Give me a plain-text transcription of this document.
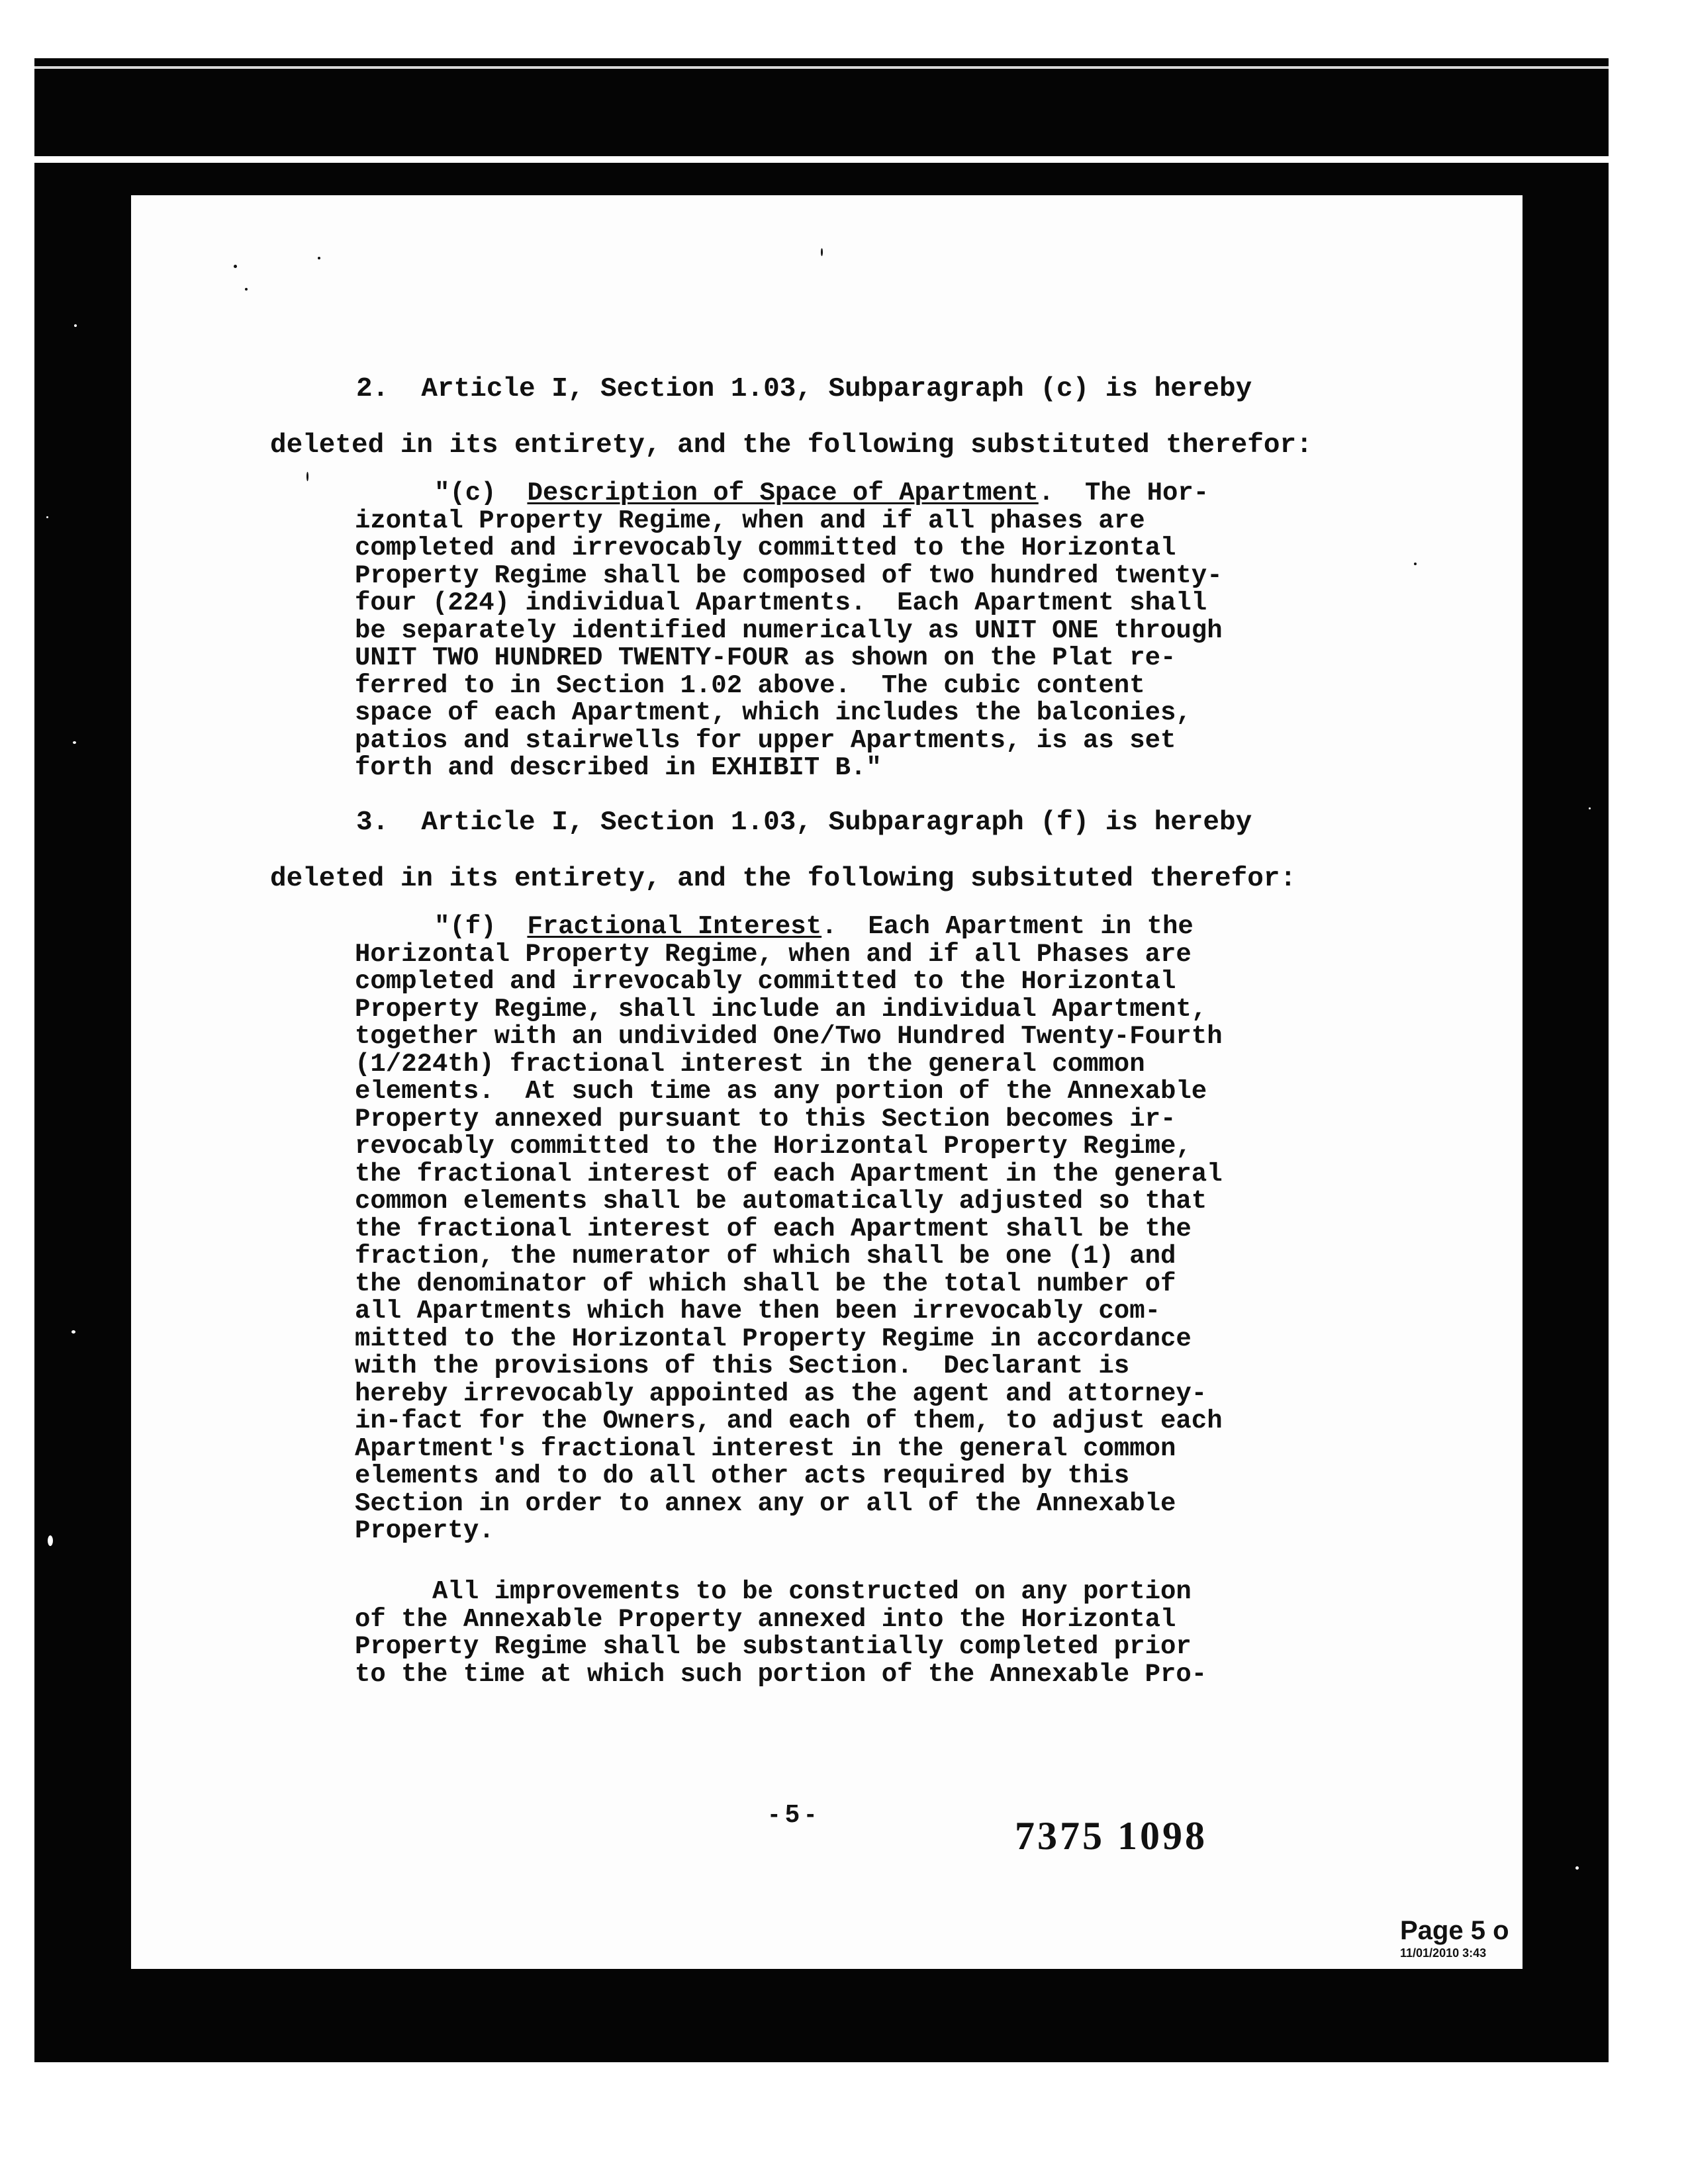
2.  Article I, Section 1.03, Subparagraph (c) is hereby
deleted in its entirety, and the following substituted therefor:
"(c)  Description of Space of Apartment.  The Hor-
izontal Property Regime, when and if all phases are
completed and irrevocably committed to the Horizontal
Property Regime shall be composed of two hundred twenty-
four (224) individual Apartments.  Each Apartment shall
be separately identified numerically as UNIT ONE through
UNIT TWO HUNDRED TWENTY-FOUR as shown on the Plat re-
ferred to in Section 1.02 above.  The cubic content
space of each Apartment, which includes the balconies,
patios and stairwells for upper Apartments, is as set
forth and described in EXHIBIT B."
3.  Article I, Section 1.03, Subparagraph (f) is hereby
deleted in its entirety, and the following subsituted therefor:
"(f)  Fractional Interest.  Each Apartment in the
Horizontal Property Regime, when and if all Phases are
completed and irrevocably committed to the Horizontal
Property Regime, shall include an individual Apartment,
together with an undivided One/Two Hundred Twenty-Fourth
(1/224th) fractional interest in the general common
elements.  At such time as any portion of the Annexable
Property annexed pursuant to this Section becomes ir-
revocably committed to the Horizontal Property Regime,
the fractional interest of each Apartment in the general
common elements shall be automatically adjusted so that
the fractional interest of each Apartment shall be the
fraction, the numerator of which shall be one (1) and
the denominator of which shall be the total number of
all Apartments which have then been irrevocably com-
mitted to the Horizontal Property Regime in accordance
with the provisions of this Section.  Declarant is
hereby irrevocably appointed as the agent and attorney-
in-fact for the Owners, and each of them, to adjust each
Apartment's fractional interest in the general common
elements and to do all other acts required by this
Section in order to annex any or all of the Annexable
Property.
All improvements to be constructed on any portion
of the Annexable Property annexed into the Horizontal
Property Regime shall be substantially completed prior
to the time at which such portion of the Annexable Pro-
- 5 -	7375 1098
Page 5 o
11/01/2010 3:43
